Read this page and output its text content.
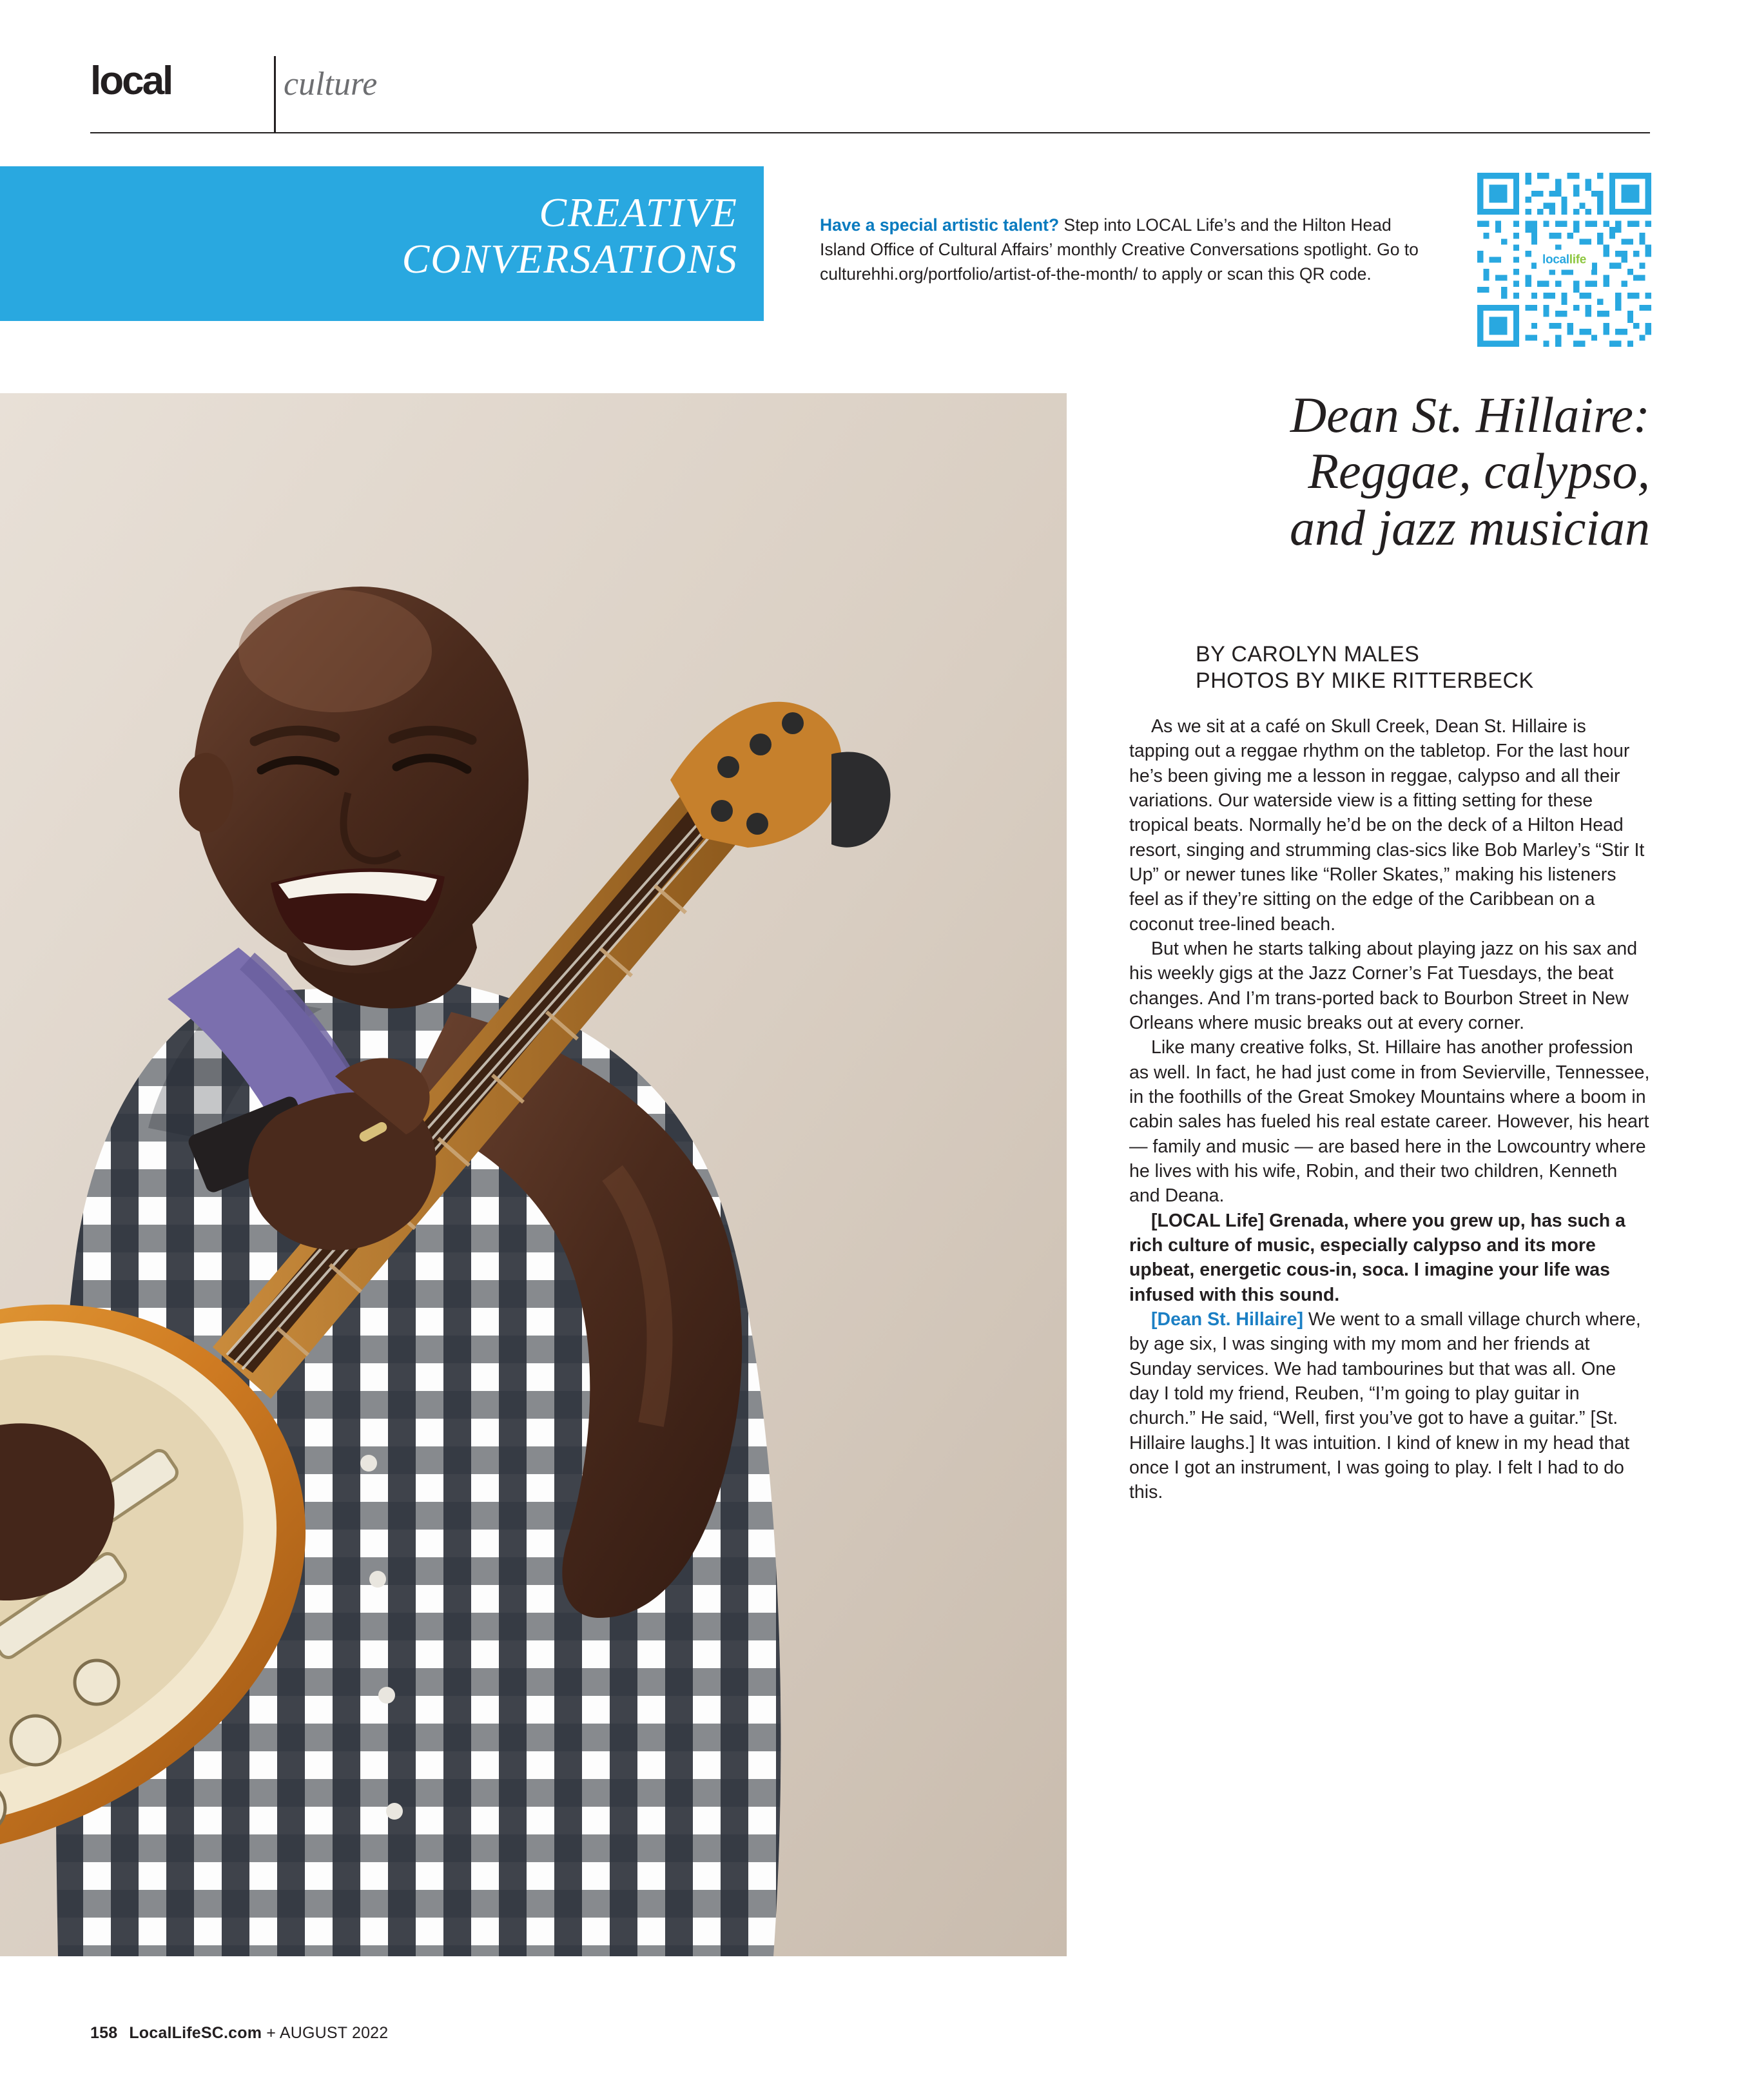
local	culture
CREATIVE
CONVERSATIONS
Have a special artistic talent? Step into LOCAL Life’s and the Hilton Head Island Office of Cultural Affairs’ monthly Creative Conversations spotlight. Go to culturehhi.org/portfolio/artist‑of‑the‑month/ to apply or scan this QR code.
locallife
a
Dean St. Hillaire:
Reggae, calypso,
and jazz musician
BY CAROLYN MALES
PHOTOS BY MIKE RITTERBECK

As we sit at a café on Skull Creek, Dean St. Hillaire is tapping out a reggae rhythm on the tabletop. For the last hour he’s been giving me a lesson in reggae, calypso and all their variations. Our waterside view is a fitting setting for these tropical beats. Normally he’d be on the deck of a Hilton Head resort, singing and strumming clas‑sics like Bob Marley’s “Stir It Up” or newer tunes like “Roller Skates,” making his listeners feel as if they’re sitting on the edge of the Caribbean on a coconut tree‑lined beach.

But when he starts talking about playing jazz on his sax and his weekly gigs at the Jazz Corner’s Fat Tuesdays, the beat changes. And I’m trans‑ported back to Bourbon Street in New Orleans where music breaks out at every corner.

Like many creative folks, St. Hillaire has another profession as well. In fact, he had just come in from Sevierville, Tennessee, in the foothills of the Great Smokey Mountains where a boom in cabin sales has fueled his real estate career. However, his heart — family and music — are based here in the Lowcountry where he lives with his wife, Robin, and their two children, Kenneth and Deana.

[LOCAL Life] Grenada, where you grew up, has such a rich culture of music, especially calypso and its more upbeat, energetic cous‑in, soca. I imagine your life was infused with this sound.

[Dean St. Hillaire] We went to a small village church where, by age six, I was singing with my mom and her friends at Sunday services. We had tambourines but that was all. One day I told my friend, Reuben, “I’m going to play guitar in church.” He said, “Well, first you’ve got to have a guitar.” [St. Hillaire laughs.] It was intuition. I kind of knew in my head that once I got an instrument, I was going to play. I felt I had to do this.

158 LocalLifeSC.com + AUGUST 2022
